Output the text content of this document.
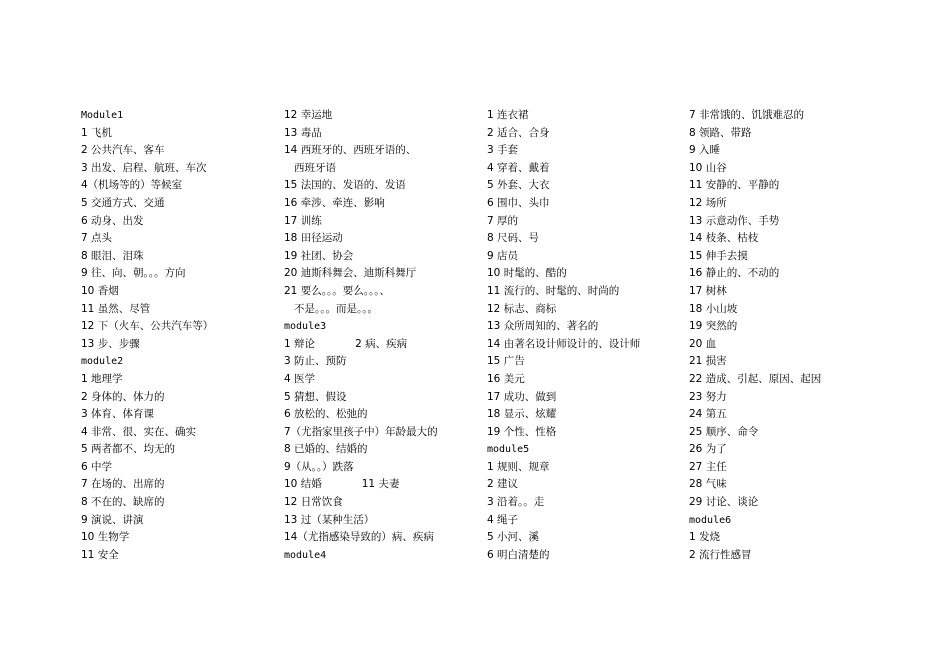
Module1
1 飞机
2 公共汽车、客车
3 出发、启程、航班、车次
4（机场等的）等候室
5 交通方式、交通
6 动身、出发
7 点头
8 眼泪、泪珠
9 往、向、朝。。。方向
10 香烟
11 虽然、尽管
12 下（火车、公共汽车等）
13 步、步骤
module2
1 地理学
2 身体的、体力的
3 体育、体育课
4 非常、很、实在、确实
5 两者都不、均无的
6 中学
7 在场的、出席的
8 不在的、缺席的
9 演说、讲演
10 生物学
11 安全
12 幸运地
13 毒品
14 西班牙的、西班牙语的、
西班牙语
15 法国的、发语的、发语
16 牵涉、牵连、影响
17 训练
18 田径运动
19 社团、协会
20 迪斯科舞会、迪斯科舞厅
21 要么。。。要么。。。、
不是。。。而是。。。
module3
1 辩论            2 病、疾病
3 防止、预防
4 医学
5 猜想、假设
6 放松的、松弛的
7（尤指家里孩子中）年龄最大的
8 已婚的、结婚的
9（从。。）跌落
10 结婚            11 夫妻
12 日常饮食
13 过（某种生活）
14（尤指感染导致的）病、疾病
module4
1 连衣裙
2 适合、合身
3 手套
4 穿着、戴着
5 外套、大衣
6 围巾、头巾
7 厚的
8 尺码、号
9 店员
10 时髦的、酷的
11 流行的、时髦的、时尚的
12 标志、商标
13 众所周知的、著名的
14 由著名设计师设计的、设计师
15 广告
16 美元
17 成功、做到
18 显示、炫耀
19 个性、性格
module5
1 规则、规章
2 建议
3 沿着。。走
4 绳子
5 小河、溪
6 明白清楚的
7 非常饿的、饥饿难忍的
8 领路、带路
9 入睡
10 山谷
11 安静的、平静的
12 场所
13 示意动作、手势
14 枝条、枯枝
15 伸手去摸
16 静止的、不动的
17 树林
18 小山坡
19 突然的
20 血
21 损害
22 造成、引起、原因、起因
23 努力
24 第五
25 顺序、命令
26 为了
27 主任
28 气味
29 讨论、谈论
module6
1 发烧
2 流行性感冒
